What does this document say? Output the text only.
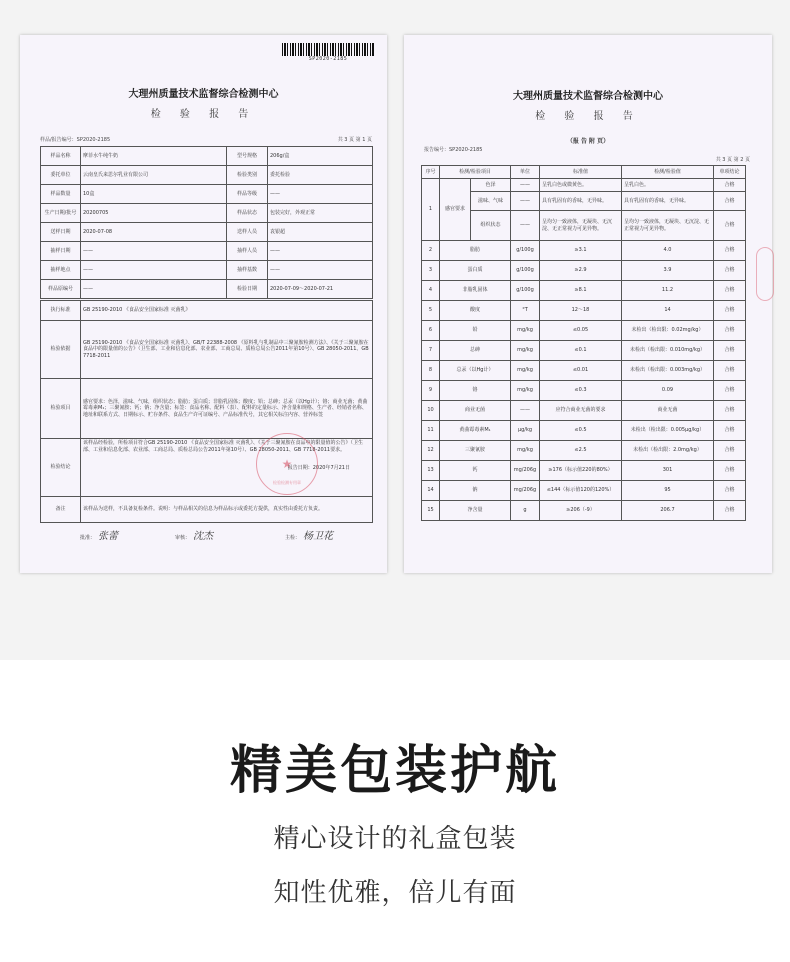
SP2020-2185
大理州质量技术监督综合检测中心
检 验 报 告
样品/报告编号：SP2020-2185	共 3 页 第 1 页
样品名称	摩菲水牛纯牛奶	型号规格	206g/盒
委托单位	云南皇氏来思尔乳业有限公司	检验类别	委托检验
样品数量	10盒	样品等级	——
生产日期/批号	20200705	样品状态	包装完好，外观正常
送样日期	2020-07-08	送样人员	袁银超
抽样日期	——	抽样人员	——
抽样地点	——	抽样基数	——
样品原编号	——	检验日期	2020-07-09～2020-07-21
执行标准	GB 25190-2010 《食品安全国家标准 灭菌乳》
检验依据	GB 25190-2010 《食品安全国家标准 灭菌乳》、GB/T 22388-2008 《原料乳与乳制品中三聚氰胺检测方法》、《关于三聚氰胺在食品中的限量值的公告》（卫生部、工业和信息化部、农业部、工商总局、质检总局公告2011年第10号）、GB 28050-2011、GB 7718-2011
检验项目	感官要求：色泽，滋味、气味，组织状态；脂肪；蛋白质；非脂乳固体；酸度；铅；总砷；总汞（以Hg计）；铬；商业无菌；黄曲霉毒素M₁；三聚氰胺；钙；钠；净含量；标签：食品名称、配料（表）、配料的定量标示、净含量和规格、生产者、经销者名称、地址和联系方式、日期标示、贮存条件、食品生产许可证编号、产品标准代号，其它相关标注内容、营养标签
检验结论	该样品经检验，所检项目符合GB 25190-2010 《食品安全国家标准 灭菌乳》、《关于三聚氰胺在食品中的限量值的公告》（卫生部、工业和信息化部、农业部、工商总局、质检总局公告2011年第10号）、GB 28050-2011、GB 7718-2011要求。
报告日期：2020年7月21日

备注	该样品为送样，不具备复检条件。说明：与样品相关的信息为样品标示或委托方提供，真实性由委托方负责。
★
检验检测专用章
批准： 张蕾	审核： 沈杰	主检： 杨卫花
大理州质量技术监督综合检测中心
检 验 报 告
（报 告 附 页）
报告编号：SP2020-2185
共 3 页 第 2 页
序号	检测/检验项目		单位	标准值	检测/检验值	单项结论
1	感官要求	色泽	——	呈乳白色或微黄色。	呈乳白色。	合格
		滋味、气味	——	具有乳固有的香味，无异味。	具有乳固有的香味，无异味。	合格
		组织状态	——	呈均匀一致液体，无凝块、无沉淀、无正常视力可见异物。	呈均匀一致液体，无凝块、无沉淀、无正常视力可见异物。	合格
2	脂肪		g/100g	≥3.1	4.0	合格
3	蛋白质		g/100g	≥2.9	3.9	合格
4	非脂乳固体		g/100g	≥8.1	11.2	合格
5	酸度		°T	12～18	14	合格
6	铅		mg/kg	≤0.05	未检出（检出限：0.02mg/kg）	合格
7	总砷		mg/kg	≤0.1	未检出（检出限：0.010mg/kg）	合格
8	总汞（以Hg计）		mg/kg	≤0.01	未检出（检出限：0.003mg/kg）	合格
9	铬		mg/kg	≤0.3	0.09	合格
10	商业无菌		——	应符合商业无菌的要求	商业无菌	合格
11	黄曲霉毒素M₁		μg/kg	≤0.5	未检出（检出限：0.005μg/kg）	合格
12	三聚氰胺		mg/kg	≤2.5	未检出（检出限：2.0mg/kg）	合格
13	钙		mg/206g	≥176（标示值220的80%）	301	合格
14	钠		mg/206g	≤144（标示值120的120%）	95	合格
15	净含量		g	≥206（-9）	206.7	合格
精美包装护航
精心设计的礼盒包装
知性优雅，倍儿有面
